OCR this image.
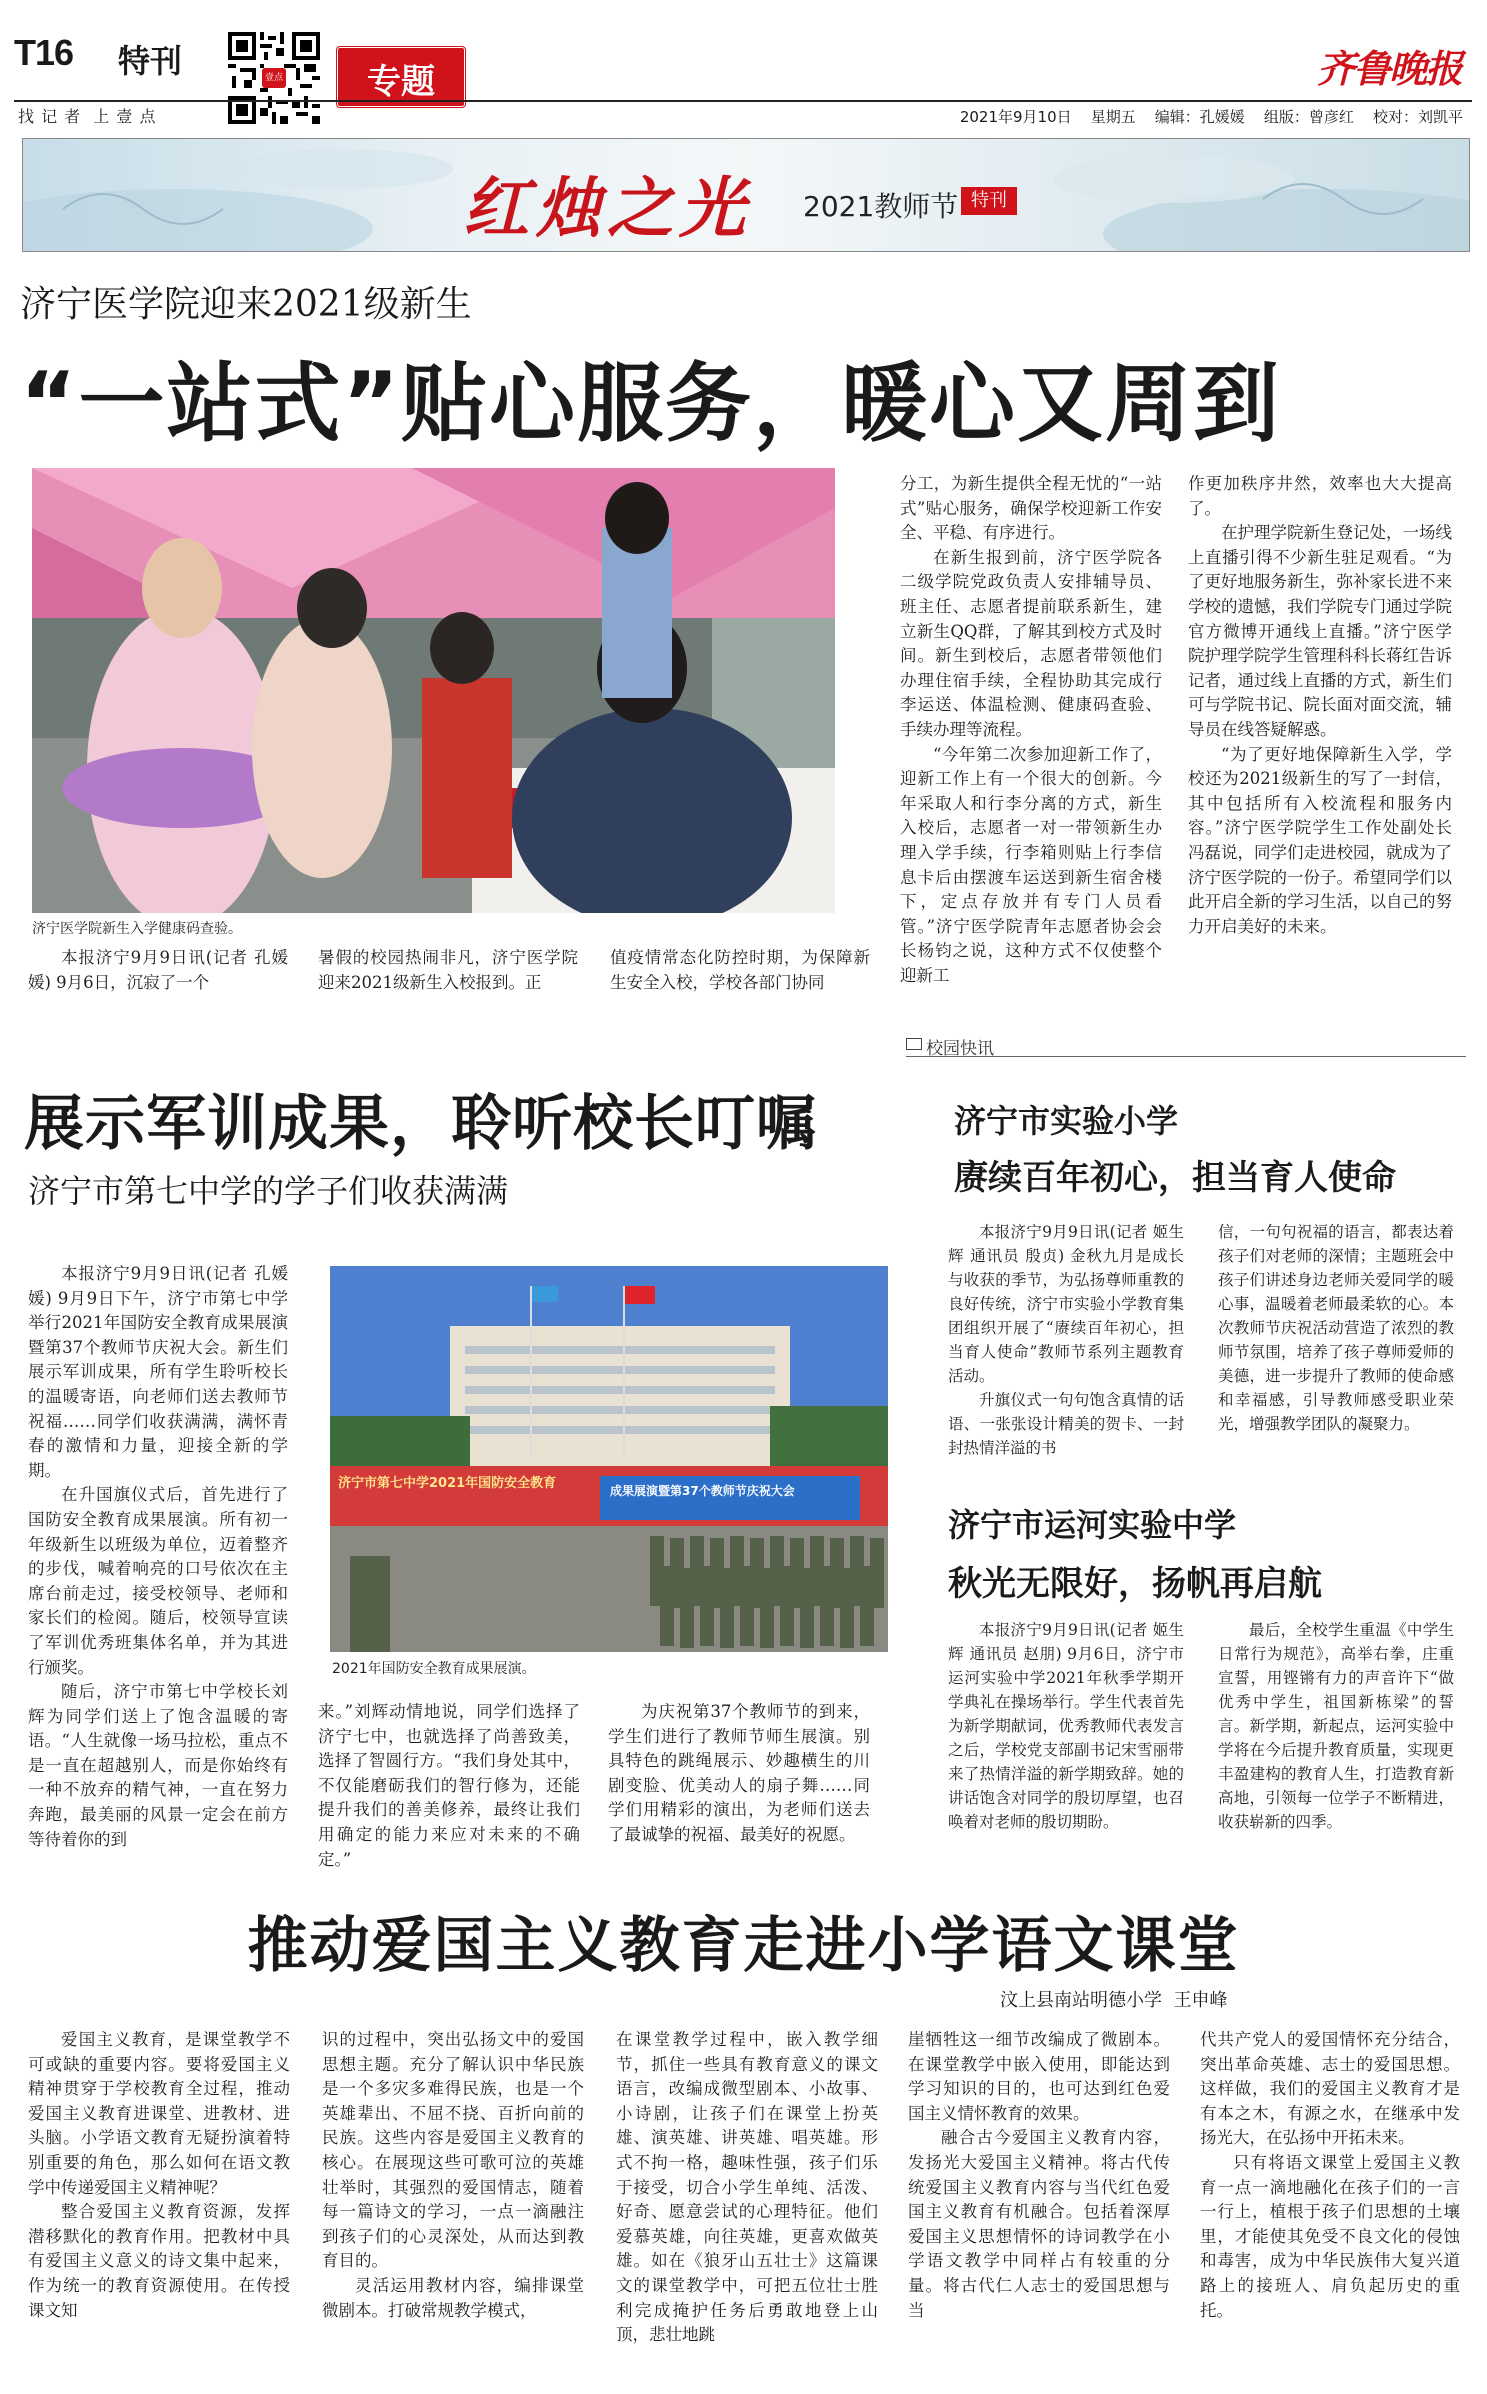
T16 特刊
找 记 者  上 壹 点
壹点	专题	齐鲁晚报
2021年9月10日 星期五 编辑：孔媛媛 组版：曾彦红 校对：刘凯平
红烛之光 2021教师节 特刊
济宁医学院迎来2021级新生
“一站式”贴心服务，暖心又周到
济宁医学院新生入学健康码查验。

本报济宁9月9日讯(记者 孔媛媛) 9月6日，沉寂了一个

暑假的校园热闹非凡，济宁医学院迎来2021级新生入校报到。正

值疫情常态化防控时期，为保障新生安全入校，学校各部门协同

分工，为新生提供全程无忧的“一站式”贴心服务，确保学校迎新工作安全、平稳、有序进行。

在新生报到前，济宁医学院各二级学院党政负责人安排辅导员、班主任、志愿者提前联系新生，建立新生QQ群，了解其到校方式及时间。新生到校后，志愿者带领他们办理住宿手续，全程协助其完成行李运送、体温检测、健康码查验、手续办理等流程。

“今年第二次参加迎新工作了，迎新工作上有一个很大的创新。今年采取人和行李分离的方式，新生入校后，志愿者一对一带领新生办理入学手续，行李箱则贴上行李信息卡后由摆渡车运送到新生宿舍楼下，定点存放并有专门人员看管。”济宁医学院青年志愿者协会会长杨钧之说，这种方式不仅使整个迎新工

作更加秩序井然，效率也大大提高了。

在护理学院新生登记处，一场线上直播引得不少新生驻足观看。“为了更好地服务新生，弥补家长进不来学校的遗憾，我们学院专门通过学院官方微博开通线上直播。”济宁医学院护理学院学生管理科科长蒋红告诉记者，通过线上直播的方式，新生们可与学院书记、院长面对面交流，辅导员在线答疑解惑。

“为了更好地保障新生入学，学校还为2021级新生的写了一封信，其中包括所有入校流程和服务内容。”济宁医学院学生工作处副处长冯磊说，同学们走进校园，就成为了济宁医学院的一份子。希望同学们以此开启全新的学习生活，以自己的努力开启美好的未来。

展示军训成果，聆听校长叮嘱
济宁市第七中学的学子们收获满满

本报济宁9月9日讯(记者 孔媛媛) 9月9日下午，济宁市第七中学举行2021年国防安全教育成果展演暨第37个教师节庆祝大会。新生们展示军训成果，所有学生聆听校长的温暖寄语，向老师们送去教师节祝福……同学们收获满满，满怀青春的激情和力量，迎接全新的学期。

在升国旗仪式后，首先进行了国防安全教育成果展演。所有初一年级新生以班级为单位，迈着整齐的步伐，喊着响亮的口号依次在主席台前走过，接受校领导、老师和家长们的检阅。随后，校领导宣读了军训优秀班集体名单，并为其进行颁奖。

随后，济宁市第七中学校长刘辉为同学们送上了饱含温暖的寄语。“人生就像一场马拉松，重点不是一直在超越别人，而是你始终有一种不放弃的精气神，一直在努力奔跑，最美丽的风景一定会在前方等待着你的到

济宁市第七中学2021年国防安全教育	成果展演暨第37个教师节庆祝大会
2021年国防安全教育成果展演。

来。”刘辉动情地说，同学们选择了济宁七中，也就选择了尚善致美，选择了智圆行方。“我们身处其中，不仅能磨砺我们的智行修为，还能提升我们的善美修养，最终让我们用确定的能力来应对未来的不确定。”

为庆祝第37个教师节的到来，学生们进行了教师节师生展演。别具特色的跳绳展示、妙趣横生的川剧变脸、优美动人的扇子舞……同学们用精彩的演出，为老师们送去了最诚挚的祝福、最美好的祝愿。

校园快讯
济宁市实验小学
赓续百年初心，担当育人使命

本报济宁9月9日讯(记者 姬生辉 通讯员 殷贞) 金秋九月是成长与收获的季节，为弘扬尊师重教的良好传统，济宁市实验小学教育集团组织开展了“赓续百年初心，担当育人使命”教师节系列主题教育活动。

升旗仪式一句句饱含真情的话语、一张张设计精美的贺卡、一封封热情洋溢的书

信，一句句祝福的语言，都表达着孩子们对老师的深情；主题班会中孩子们讲述身边老师关爱同学的暖心事，温暖着老师最柔软的心。本次教师节庆祝活动营造了浓烈的教师节氛围，培养了孩子尊师爱师的美德，进一步提升了教师的使命感和幸福感，引导教师感受职业荣光，增强教学团队的凝聚力。

济宁市运河实验中学
秋光无限好，扬帆再启航

本报济宁9月9日讯(记者 姬生辉 通讯员 赵朋) 9月6日，济宁市运河实验中学2021年秋季学期开学典礼在操场举行。学生代表首先为新学期献词，优秀教师代表发言之后，学校党支部副书记宋雪丽带来了热情洋溢的新学期致辞。她的讲话饱含对同学的殷切厚望，也召唤着对老师的殷切期盼。

最后，全校学生重温《中学生日常行为规范》，高举右拳，庄重宣誓，用铿锵有力的声音许下“做优秀中学生，祖国新栋梁”的誓言。新学期，新起点，运河实验中学将在今后提升教育质量，实现更丰盈建构的教育人生，打造教育新高地，引领每一位学子不断精进，收获崭新的四季。

推动爱国主义教育走进小学语文课堂
汶上县南站明德小学  王申峰

爱国主义教育，是课堂教学不可或缺的重要内容。要将爱国主义精神贯穿于学校教育全过程，推动爱国主义教育进课堂、进教材、进头脑。小学语文教育无疑扮演着特别重要的角色，那么如何在语文教学中传递爱国主义精神呢？

整合爱国主义教育资源，发挥潜移默化的教育作用。把教材中具有爱国主义意义的诗文集中起来，作为统一的教育资源使用。在传授课文知

识的过程中，突出弘扬文中的爱国思想主题。充分了解认识中华民族是一个多灾多难得民族，也是一个英雄辈出、不屈不挠、百折向前的民族。这些内容是爱国主义教育的核心。在展现这些可歌可泣的英雄壮举时，其强烈的爱国情志，随着每一篇诗文的学习，一点一滴融注到孩子们的心灵深处，从而达到教育目的。

灵活运用教材内容，编排课堂微剧本。打破常规教学模式，

在课堂教学过程中，嵌入教学细节，抓住一些具有教育意义的课文语言，改编成微型剧本、小故事、小诗剧，让孩子们在课堂上扮英雄、演英雄、讲英雄、唱英雄。形式不拘一格，趣味性强，孩子们乐于接受，切合小学生单纯、活泼、好奇、愿意尝试的心理特征。他们爱慕英雄，向往英雄，更喜欢做英雄。如在《狼牙山五壮士》这篇课文的课堂教学中，可把五位壮士胜利完成掩护任务后勇敢地登上山顶，悲壮地跳

崖牺牲这一细节改编成了微剧本。在课堂教学中嵌入使用，即能达到学习知识的目的，也可达到红色爱国主义情怀教育的效果。

融合古今爱国主义教育内容，发扬光大爱国主义精神。将古代传统爱国主义教育内容与当代红色爱国主义教育有机融合。包括着深厚爱国主义思想情怀的诗词教学在小学语文教学中同样占有较重的分量。将古代仁人志士的爱国思想与当

代共产党人的爱国情怀充分结合，突出革命英雄、志士的爱国思想。这样做，我们的爱国主义教育才是有本之木，有源之水，在继承中发扬光大，在弘扬中开拓未来。

只有将语文课堂上爱国主义教育一点一滴地融化在孩子们的一言一行上，植根于孩子们思想的土壤里，才能使其免受不良文化的侵蚀和毒害，成为中华民族伟大复兴道路上的接班人、肩负起历史的重托。
